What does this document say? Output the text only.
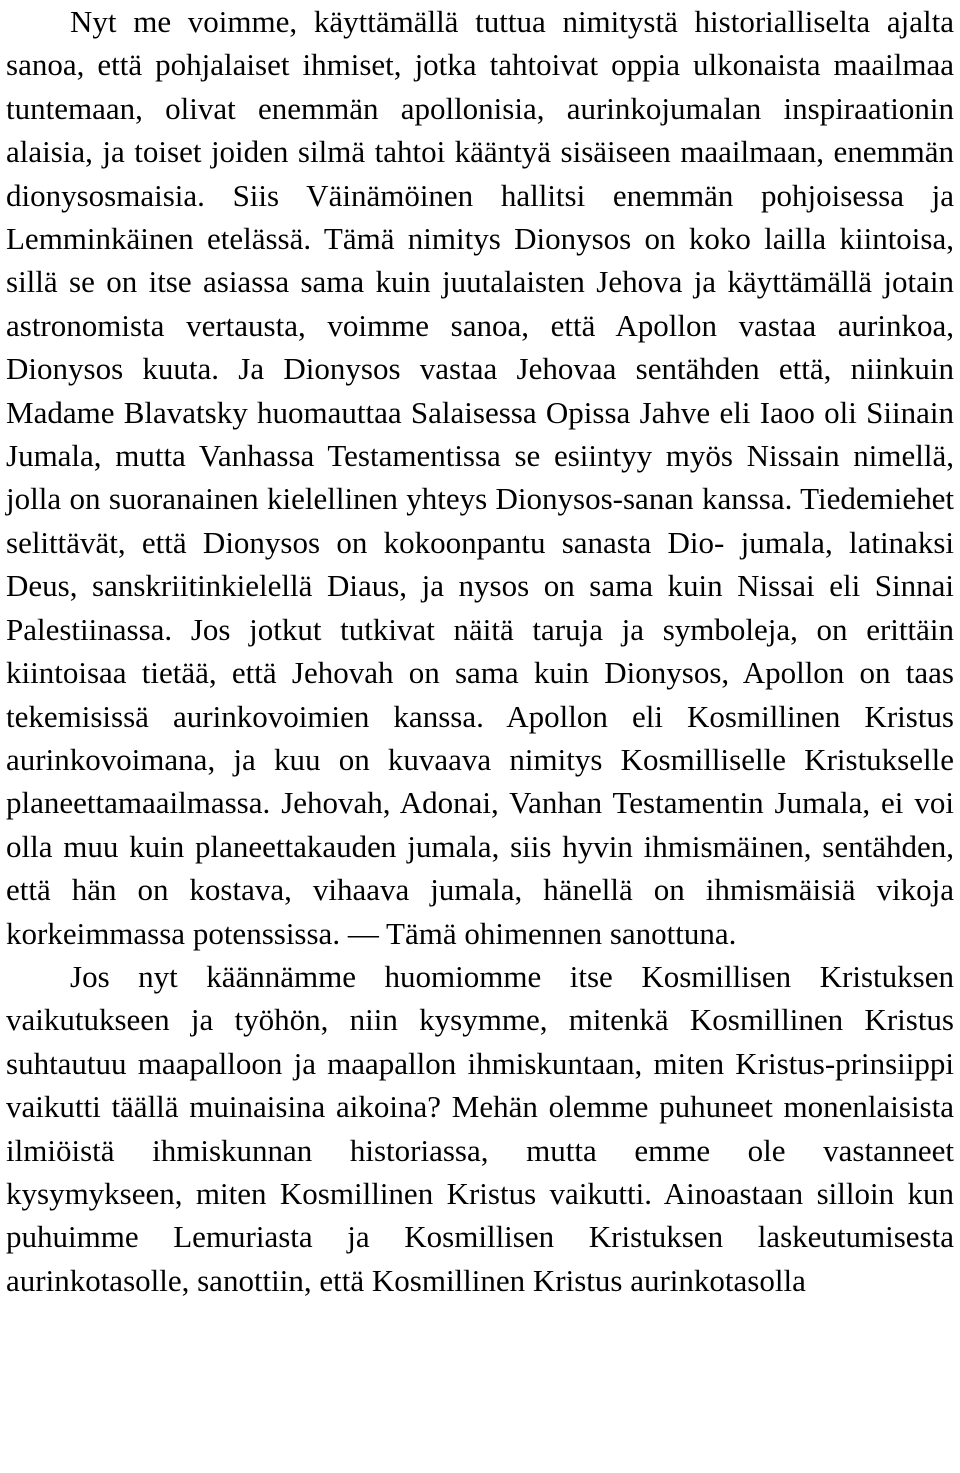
Nyt me voimme, käyttämällä tuttua nimitystä historialliselta ajalta sanoa, että pohjalaiset ihmiset, jotka tahtoivat oppia ulkonaista maailmaa tuntemaan, olivat enemmän apollonisia, aurinkojumalan inspiraationin alaisia, ja toiset joiden silmä tahtoi kääntyä sisäiseen maailmaan, enemmän dionysosmaisia. Siis Väinämöinen hallitsi enemmän pohjoisessa ja Lemminkäinen etelässä. Tämä nimitys Dionysos on koko lailla kiintoisa, sillä se on itse asiassa sama kuin juutalaisten Jehova ja käyttämällä jotain astronomista vertausta, voimme sanoa, että Apollon vastaa aurinkoa, Dionysos kuuta. Ja Dionysos vastaa Jehovaa sentähden että, niinkuin Madame Blavatsky huomauttaa Salaisessa Opissa Jahve eli Iaoo oli Siinain Jumala, mutta Vanhassa Testamentissa se esiintyy myös Nissain nimellä, jolla on suoranainen kielellinen yhteys Dionysos-sanan kanssa. Tiedemiehet selittävät, että Dionysos on kokoonpantu sanasta Dio- jumala, latinaksi Deus, sanskriitinkielellä Diaus, ja nysos on sama kuin Nissai eli Sinnai Palestiinassa. Jos jotkut tutkivat näitä taruja ja symboleja, on erittäin kiintoisaa tietää, että Jehovah on sama kuin Dionysos, Apollon on taas tekemisissä aurinkovoimien kanssa. Apollon eli Kosmillinen Kristus aurinkovoimana, ja kuu on kuvaava nimitys Kosmilliselle Kristukselle planeettamaailmassa. Jehovah, Adonai, Vanhan Testamentin Jumala, ei voi olla muu kuin planeettakauden jumala, siis hyvin ihmismäinen, sentähden, että hän on kostava, vihaava jumala, hänellä on ihmismäisiä vikoja korkeimmassa potenssissa. — Tämä ohimennen sanottuna.

Jos nyt käännämme huomiomme itse Kosmillisen Kristuksen vaikutukseen ja työhön, niin kysymme, mitenkä Kosmillinen Kristus suhtautuu maapalloon ja maapallon ihmiskuntaan, miten Kristus-prinsiippi vaikutti täällä muinaisina aikoina? Mehän olemme puhuneet monenlaisista ilmiöistä ihmiskunnan historiassa, mutta emme ole vastanneet kysymykseen, miten Kosmillinen Kristus vaikutti. Ainoastaan silloin kun puhuimme Lemuriasta ja Kosmillisen Kristuksen laskeutumisesta aurinkotasolle, sanottiin, että Kosmillinen Kristus aurinkotasolla
